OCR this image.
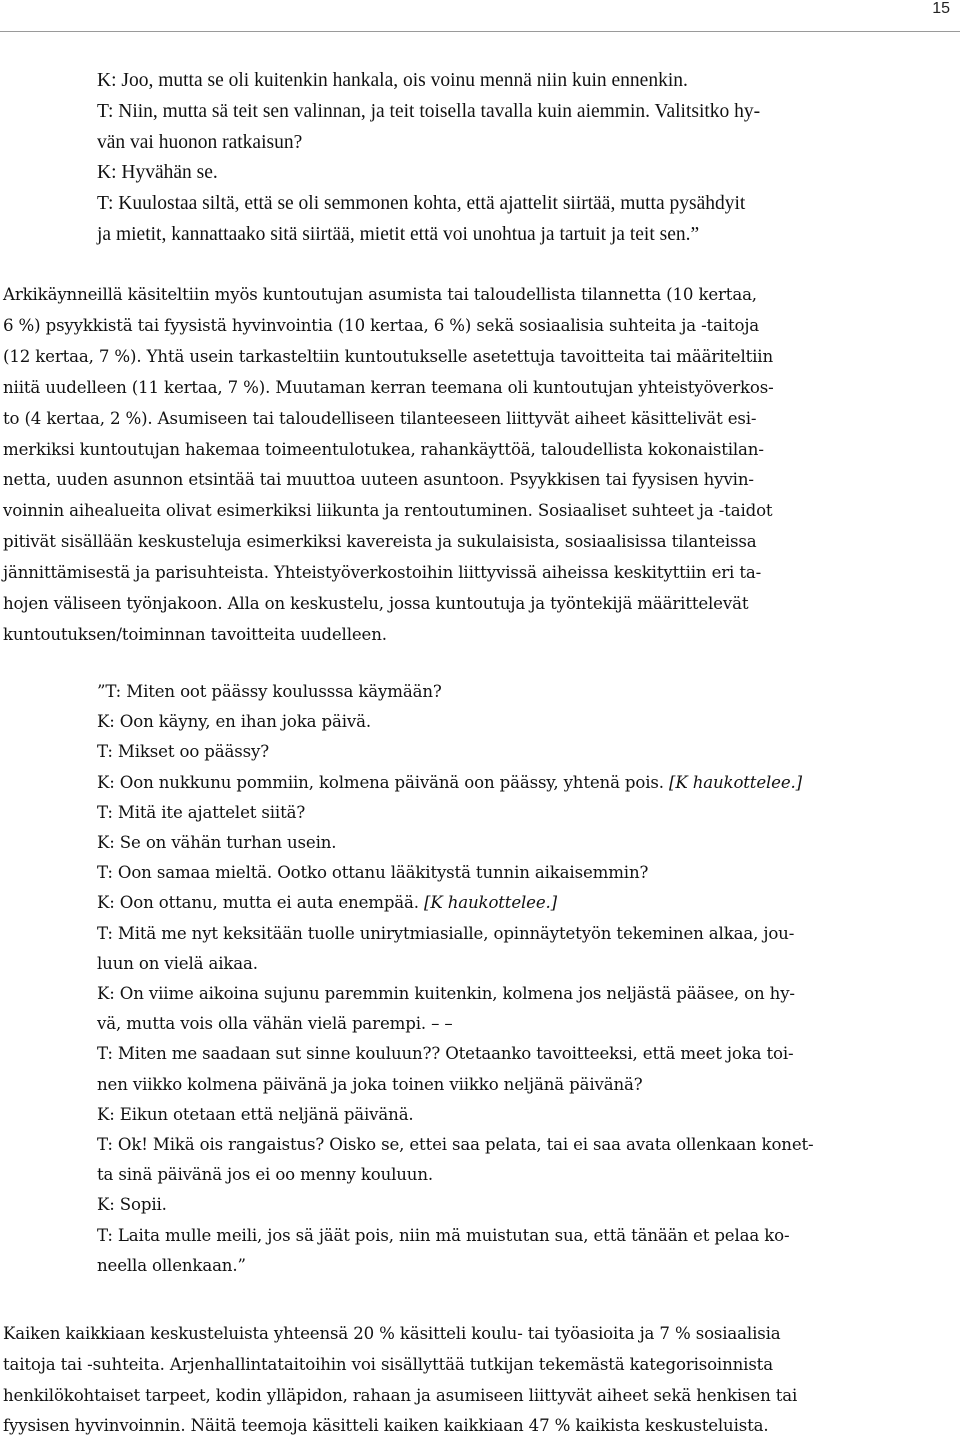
15
K: Joo, mutta se oli kuitenkin hankala, ois voinu mennä niin kuin ennenkin.
T: Niin, mutta sä teit sen valinnan, ja teit toisella tavalla kuin aiemmin. Valitsitko hy-
vän vai huonon ratkaisun?
K: Hyvähän se.
T: Kuulostaa siltä, että se oli semmonen kohta, että ajattelit siirtää, mutta pysähdyit
ja mietit, kannattaako sitä siirtää, mietit että voi unohtua ja tartuit ja teit sen.”
Arkikäynneillä käsiteltiin myös kuntoutujan asumista tai taloudellista tilannetta (10 kertaa,
6 %) psyykkistä tai fyysistä hyvinvointia (10 kertaa, 6 %) sekä sosiaalisia suhteita ja -taitoja
(12 kertaa, 7 %). Yhtä usein tarkasteltiin kuntoutukselle asetettuja tavoitteita tai määriteltiin
niitä uudelleen (11 kertaa, 7 %). Muutaman kerran teemana oli kuntoutujan yhteistyöverkos-
to (4 kertaa, 2 %). Asumiseen tai taloudelliseen tilanteeseen liittyvät aiheet käsittelivät esi-
merkiksi kuntoutujan hakemaa toimeentulotukea, rahankäyttöä, taloudellista kokonaistilan-
netta, uuden asunnon etsintää tai muuttoa uuteen asuntoon. Psyykkisen tai fyysisen hyvin-
voinnin aihealueita olivat esimerkiksi liikunta ja rentoutuminen. Sosiaaliset suhteet ja -taidot
pitivät sisällään keskusteluja esimerkiksi kavereista ja sukulaisista, sosiaalisissa tilanteissa
jännittämisestä ja parisuhteista. Yhteistyöverkostoihin liittyvissä aiheissa keskityttiin eri ta-
hojen väliseen työnjakoon. Alla on keskustelu, jossa kuntoutuja ja työntekijä määrittelevät
kuntoutuksen/toiminnan tavoitteita uudelleen.
”T: Miten oot päässy koulusssa käymään?
K: Oon käyny, en ihan joka päivä.
T: Mikset oo päässy?
K: Oon nukkunu pommiin, kolmena päivänä oon päässy, yhtenä pois. [K haukottelee.]
T: Mitä ite ajattelet siitä?
K: Se on vähän turhan usein.
T: Oon samaa mieltä. Ootko ottanu lääkitystä tunnin aikaisemmin?
K: Oon ottanu, mutta ei auta enempää. [K haukottelee.]
T: Mitä me nyt keksitään tuolle unirytmiasialle, opinnäytetyön tekeminen alkaa, jou-
luun on vielä aikaa.
K: On viime aikoina sujunu paremmin kuitenkin, kolmena jos neljästä pääsee, on hy-
vä, mutta vois olla vähän vielä parempi. – –
T: Miten me saadaan sut sinne kouluun?? Otetaanko tavoitteeksi, että meet joka toi-
nen viikko kolmena päivänä ja joka toinen viikko neljänä päivänä?
K: Eikun otetaan että neljänä päivänä.
T: Ok! Mikä ois rangaistus? Oisko se, ettei saa pelata, tai ei saa avata ollenkaan konet-
ta sinä päivänä jos ei oo menny kouluun.
K: Sopii.
T: Laita mulle meili, jos sä jäät pois, niin mä muistutan sua, että tänään et pelaa ko-
neella ollenkaan.”
Kaiken kaikkiaan keskusteluista yhteensä 20 % käsitteli koulu- tai työasioita ja 7 % sosiaalisia
taitoja tai -suhteita. Arjenhallintataitoihin voi sisällyttää tutkijan tekemästä kategorisoinnista
henkilökohtaiset tarpeet, kodin ylläpidon, rahaan ja asumiseen liittyvät aiheet sekä henkisen tai
fyysisen hyvinvoinnin. Näitä teemoja käsitteli kaiken kaikkiaan 47 % kaikista keskusteluista.
